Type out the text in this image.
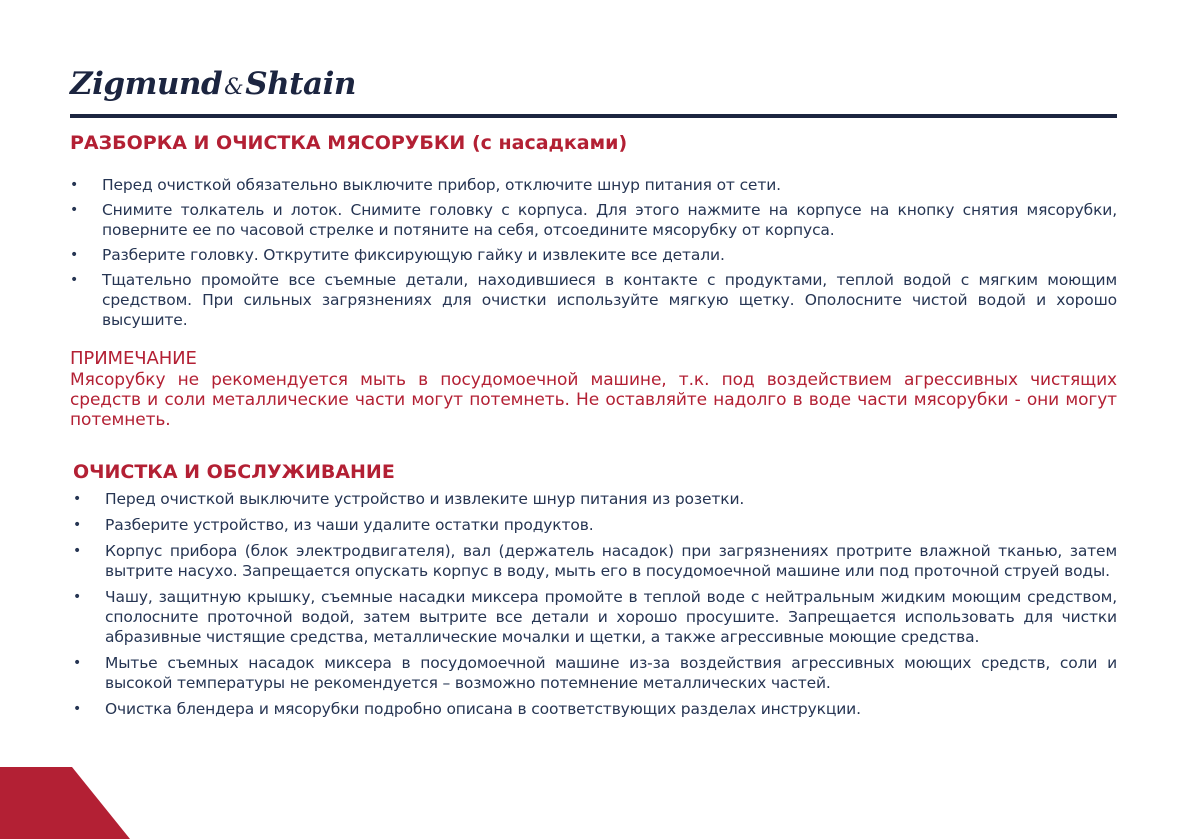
Zigmund&Shtain
РАЗБОРКА И ОЧИСТКА МЯСОРУБКИ (с насадками)
• Перед очисткой обязательно выключите прибор, отключите шнур питания от сети.
• Снимите толкатель и лоток. Снимите головку с корпуса. Для этого нажмите на корпусе на кнопку снятия мясорубки, поверните ее по часовой стрелке и потяните на себя, отсоедините мясорубку от корпуса.
• Разберите головку. Открутите фиксирующую гайку и извлеките все детали.
• Тщательно промойте все съемные детали, находившиеся в контакте с продуктами, теплой водой с мягким моющим средством. При сильных загрязнениях для очистки используйте мягкую щетку. Ополосните чистой водой и хорошо высушите.
ПРИМЕЧАНИЕ
Мясорубку не рекомендуется мыть в посудомоечной машине, т.к. под воздействием агрессивных чистящих средств и соли металлические части могут потемнеть. Не оставляйте надолго в воде части мясорубки - они могут потемнеть.
ОЧИСТКА И ОБСЛУЖИВАНИЕ
• Перед очисткой выключите устройство и извлеките шнур питания из розетки.
• Разберите устройство, из чаши удалите остатки продуктов.
• Корпус прибора (блок электродвигателя), вал (держатель насадок) при загрязнениях протрите влажной тканью, затем вытрите насухо. Запрещается опускать корпус в воду, мыть его в посудомоечной машине или под проточной струей воды.
• Чашу, защитную крышку, съемные насадки миксера промойте в теплой воде с нейтральным жидким моющим средством, сполосните проточной водой, затем вытрите все детали и хорошо просушите. Запрещается использовать для чистки абразивные чистящие средства, металлические мочалки и щетки, а также агрессивные моющие средства.
• Мытье съемных насадок миксера в посудомоечной машине из-за воздействия агрессивных моющих средств, соли и высокой температуры не рекомендуется – возможно потемнение металлических частей.
• Очистка блендера и мясорубки подробно описана в соответствующих разделах инструкции.
